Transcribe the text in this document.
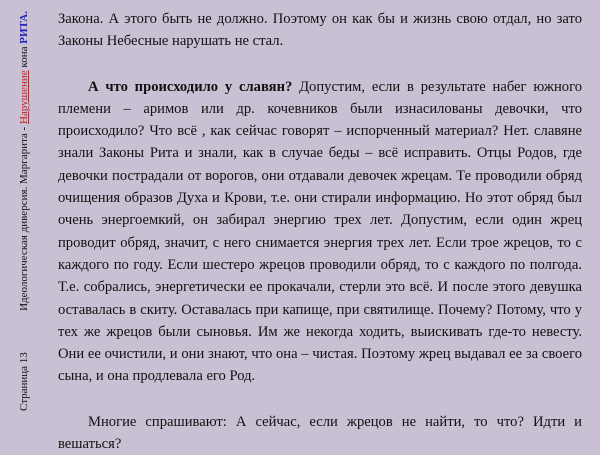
Страница 13
Идеологическая диверсия. Маргарита - Нарушение кона РИТА. Закона. А этого быть не должно. Поэтому он как бы и жизнь свою отдал, но зато Законы Небесные нарушать не стал.

А что происходило у славян? Допустим, если в результате набег южного племени – аримов или др. кочевников были изнасилованы девочки, что происходило? Что всё , как сейчас говорят – испорченный материал? Нет. славяне знали Законы Рита и знали, как в случае беды – всё исправить. Отцы Родов, где девочки пострадали от ворогов, они отдавали девочек жрецам. Те проводили обряд очищения образов Духа и Крови, т.е. они стирали информацию. Но этот обряд был очень энергоемкий, он забирал энергию трех лет. Допустим, если один жрец проводит обряд, значит, с него снимается энергия трех лет. Если трое жрецов, то с каждого по году. Если шестеро жрецов проводили обряд, то с каждого по полгода. Т.е. собрались, энергетически ее прокачали, стерли это всё. И после этого девушка оставалась в скиту. Оставалась при капище, при святилище. Почему? Потому, что у тех же жрецов были сыновья. Им же некогда ходить, выискивать где-то невесту. Они ее очистили, и они знают, что она – чистая. Поэтому жрец выдавал ее за своего сына, и она продлевала его Род.

Многие спрашивают: А сейчас, если жрецов не найти, то что? Идти и вешаться?
